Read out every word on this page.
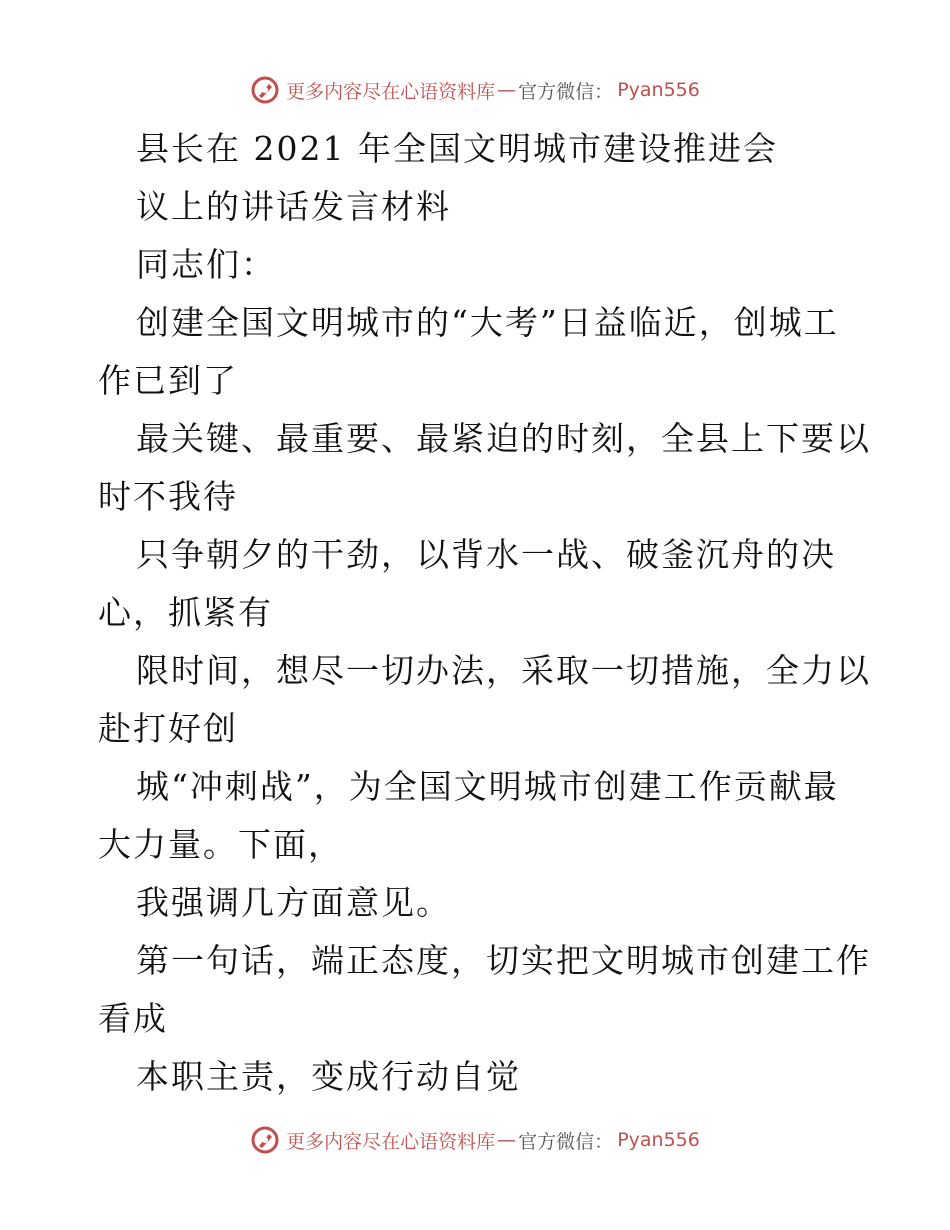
更多内容尽在心语资料库 — 官方微信： Pyan556
县长在 2021 年全国文明城市建设推进会
议上的讲话发言材料
同志们：
创建全国文明城市的“大考”日益临近，创城工
作已到了
最关键、最重要、最紧迫的时刻，全县上下要以
时不我待
只争朝夕的干劲，以背水一战、破釜沉舟的决
心，抓紧有
限时间，想尽一切办法，采取一切措施，全力以
赴打好创
城“冲刺战”，为全国文明城市创建工作贡献最
大力量。下面，
我强调几方面意见。
第一句话，端正态度，切实把文明城市创建工作
看成
本职主责，变成行动自觉
更多内容尽在心语资料库 — 官方微信： Pyan556
